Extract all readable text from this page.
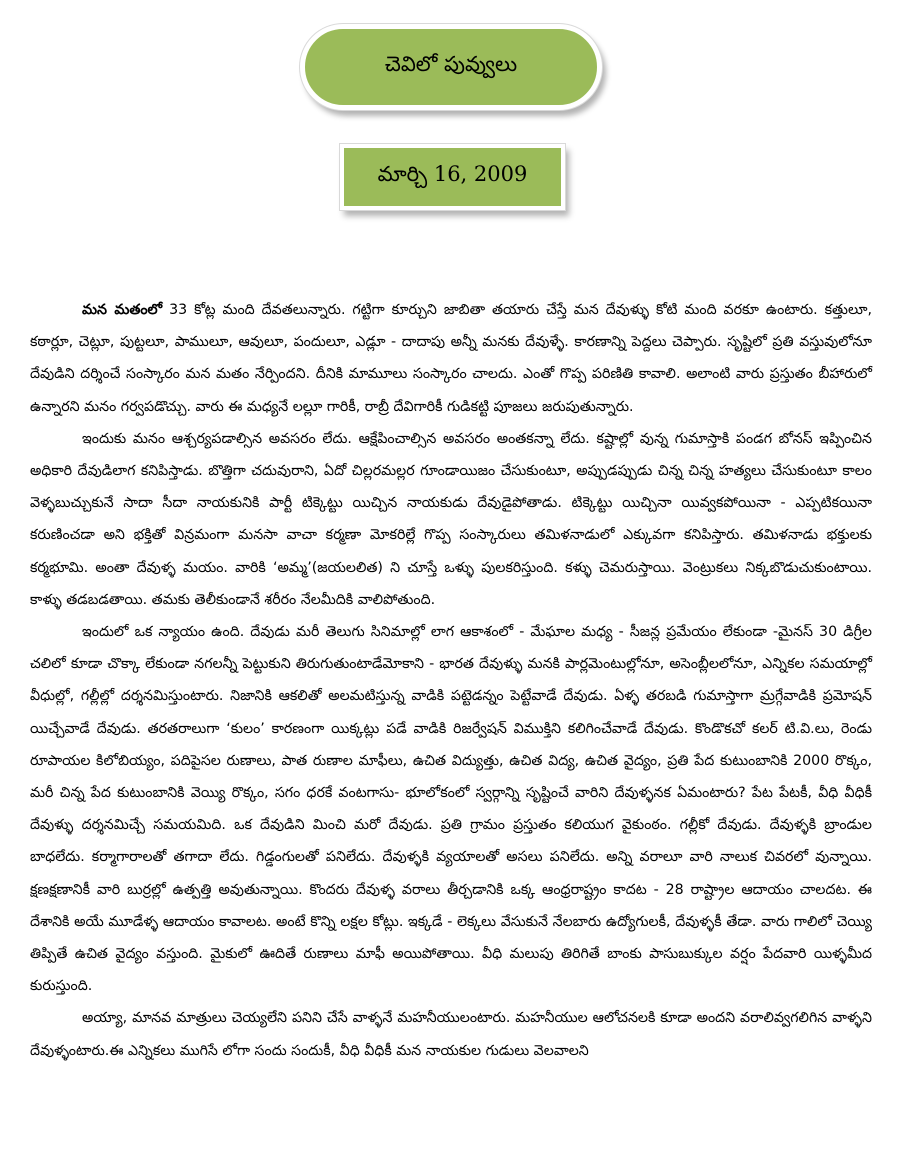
చెవిలో పువ్వులు
మార్చి 16, 2009

మన మతంలో 33 కోట్ల మంది దేవతలున్నారు. గట్టిగా కూర్చుని జాబితా తయారు చేస్తే మన దేవుళ్ళు కోటి మంది వరకూ ఉంటారు. కత్తులూ, కఠార్లూ, చెట్లూ, పుట్టలూ, పాములూ, ఆవులూ, పందులూ, ఎడ్లూ - దాదాపు అన్నీ మనకు దేవుళ్ళే. కారణాన్ని పెద్దలు చెప్పారు. సృష్టిలో ప్రతి వస్తువులోనూ దేవుడిని దర్శించే సంస్కారం మన మతం నేర్పిందని. దీనికి మామూలు సంస్కారం చాలదు. ఎంతో గొప్ప పరిణితి కావాలి. అలాంటి వారు ప్రస్తుతం బీహారులో ఉన్నారని మనం గర్వపడొచ్చు. వారు ఈ మధ్యనే లల్లూ గారికీ, రాబ్రీ దేవిగారికీ గుడికట్టి పూజలు జరుపుతున్నారు.

ఇందుకు మనం ఆశ్చర్యపడాల్సిన అవసరం లేదు. ఆక్షేపించాల్సిన అవసరం అంతకన్నా లేదు. కష్టాల్లో వున్న గుమాస్తాకి పండగ బోనస్ ఇప్పించిన అధికారి దేవుడిలాగ కనిపిస్తాడు. బొత్తిగా చదువురాని, ఏదో చిల్లరమల్లర గూండాయిజం చేసుకుంటూ, అప్పుడప్పుడు చిన్న చిన్న హత్యలు చేసుకుంటూ కాలం వెళ్ళబుచ్చుకునే సాదా సీదా నాయకునికి పార్టీ టిక్కెట్టు యిచ్చిన నాయకుడు దేవుడైపోతాడు. టిక్కెట్టు యిచ్చినా యివ్వకపోయినా - ఎప్పటికయినా కరుణించడా అని భక్తితో విన్రమంగా మనసా వాచా కర్మణా మోకరిల్లే గొప్ప సంస్కారులు తమిళనాడులో ఎక్కువగా కనిపిస్తారు. తమిళనాడు భక్తులకు కర్మభూమి. అంతా దేవుళ్ళ మయం. వారికి ‘అమ్మ’(జయలలిత) ని చూస్తే ఒళ్ళు పులకరిస్తుంది. కళ్ళు చెమరుస్తాయి. వెంట్రుకలు నిక్కబొడుచుకుంటాయి. కాళ్ళు తడబడతాయి. తమకు తెలీకుండానే శరీరం నేలమీదికి వాలిపోతుంది.

ఇందులో ఒక న్యాయం ఉంది. దేవుడు మరీ తెలుగు సినిమాల్లో లాగ ఆకాశంలో - మేఘాల మధ్య - సీజన్ల ప్రమేయం లేకుండా -మైనస్ 30 డిగ్రీల చలిలో కూడా చొక్కా లేకుండా నగలన్నీ పెట్టుకుని తిరుగుతుంటాడేమోకాని - భారత దేవుళ్ళు మనకి పార్లమెంటుల్లోనూ, అసెంబ్లీలలోనూ, ఎన్నికల సమయాల్లో వీధుల్లో, గల్లీల్లో దర్శనమిస్తుంటారు. నిజానికి ఆకలితో అలమటిస్తున్న వాడికి పట్టెడన్నం పెట్టేవాడే దేవుడు. ఏళ్ళ తరబడి గుమాస్తాగా మ్రగ్గేవాడికి ప్రమోషన్ యిచ్చేవాడే దేవుడు. తరతరాలుగా ‘కులం’ కారణంగా యిక్కట్లు పడే వాడికి రిజర్వేషన్ విముక్తిని కలిగించేవాడే దేవుడు. కొండొకచో కలర్ టి.వి.లు, రెండు రూపాయల కిలోబియ్యం, పదిపైసల రుణాలు, పాత రుణాల మాఫీలు, ఉచిత విద్యుత్తు, ఉచిత విద్య, ఉచిత వైద్యం, ప్రతి పేద కుటుంబానికి 2000 రొక్కం, మరీ చిన్న పేద కుటుంబానికి వెయ్యి రొక్కం, సగం ధరకే వంటగాసు- భూలోకంలో స్వర్గాన్ని సృష్టించే వారిని దేవుళ్ళనక ఏమంటారు? పేట పేటకీ, వీధి వీధికీ దేవుళ్ళు దర్శనమిచ్చే సమయమిది. ఒక దేవుడిని మించి మరో దేవుడు. ప్రతి గ్రామం ప్రస్తుతం కలియుగ వైకుంఠం. గల్లీకో దేవుడు. దేవుళ్ళకి బ్రాండుల బాధలేదు. కర్మాగారాలతో తగాదా లేదు. గిడ్డంగులతో పనిలేదు. దేవుళ్ళకి వ్యయాలతో అసలు పనిలేదు. అన్ని వరాలూ వారి నాలుక చివరలో వున్నాయి. క్షణక్షణానికీ వారి బుర్రల్లో ఉత్పత్తి అవుతున్నాయి. కొందరు దేవుళ్ళ వరాలు తీర్చడానికి ఒక్క ఆంధ్రరాష్ట్రం కాదట - 28 రాష్ట్రాల ఆదాయం చాలదట. ఈ దేశానికి అయే మూడేళ్ళ ఆదాయం కావాలట. అంటే కొన్ని లక్షల కోట్లు. ఇక్కడే - లెక్కలు వేసుకునే నేలబారు ఉద్యోగులకీ, దేవుళ్ళకీ తేడా. వారు గాలిలో చెయ్యి తిప్పితే ఉచిత వైద్యం వస్తుంది. మైకులో ఊదితే రుణాలు మాఫీ అయిపోతాయి. వీధి మలుపు తిరిగితే బాంకు పాసుబుక్కుల వర్షం పేదవారి యిళ్ళమీద కురుస్తుంది.

అయ్యా, మానవ మాత్రులు చెయ్యలేని పనిని చేసే వాళ్ళనే మహనీయులంటారు. మహనీయుల ఆలోచనలకి కూడా అందని వరాలివ్వగలిగిన వాళ్ళని దేవుళ్ళంటారు.ఈ ఎన్నికలు ముగిసే లోగా సందు సందుకీ, వీధి వీధికీ మన నాయకుల గుడులు వెలవాలని
